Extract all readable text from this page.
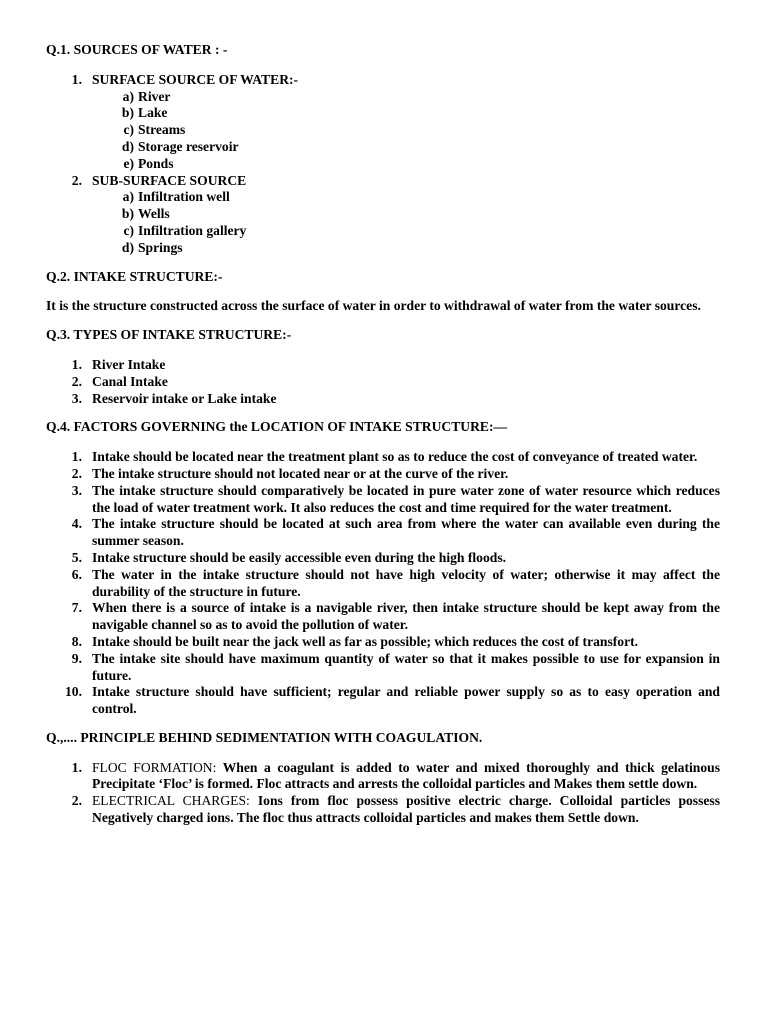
Q.1. SOURCES OF WATER : -

1. SURFACE SOURCE OF WATER:-
a) River
b) Lake
c) Streams
d) Storage reservoir
e) Ponds
2. SUB-SURFACE SOURCE
a) Infiltration well
b) Wells
c) Infiltration gallery
d) Springs

Q.2. INTAKE STRUCTURE:-

It is the structure constructed across the surface of water in order to withdrawal of water from the water sources.

Q.3. TYPES OF INTAKE STRUCTURE:-

1. River Intake
2. Canal Intake
3. Reservoir intake or Lake intake

Q.4. FACTORS GOVERNING the LOCATION OF INTAKE STRUCTURE:—

1. Intake should be located near the treatment plant so as to reduce the cost of conveyance of treated water.
2. The intake structure should not located near or at the curve of the river.
3. The intake structure should comparatively be located in pure water zone of water resource which reduces the load of water treatment work. It also reduces the cost and time required for the water treatment.
4. The intake structure should be located at such area from where the water can available even during the summer season.
5. Intake structure should be easily accessible even during the high floods.
6. The water in the intake structure should not have high velocity of water; otherwise it may affect the durability of the structure in future.
7. When there is a source of intake is a navigable river, then intake structure should be kept away from the navigable channel so as to avoid the pollution of water.
8. Intake should be built near the jack well as far as possible; which reduces the cost of transfort.
9. The intake site should have maximum quantity of water so that it makes possible to use for expansion in future.
10. Intake structure should have sufficient; regular and reliable power supply so as to easy operation and control.

Q.,.... PRINCIPLE BEHIND SEDIMENTATION WITH COAGULATION.

1. FLOC FORMATION: When a coagulant is added to water and mixed thoroughly and thick gelatinous Precipitate ‘Floc’ is formed. Floc attracts and arrests the colloidal particles and Makes them settle down.
2. ELECTRICAL CHARGES: Ions from floc possess positive electric charge. Colloidal particles possess Negatively charged ions. The floc thus attracts colloidal particles and makes them Settle down.
